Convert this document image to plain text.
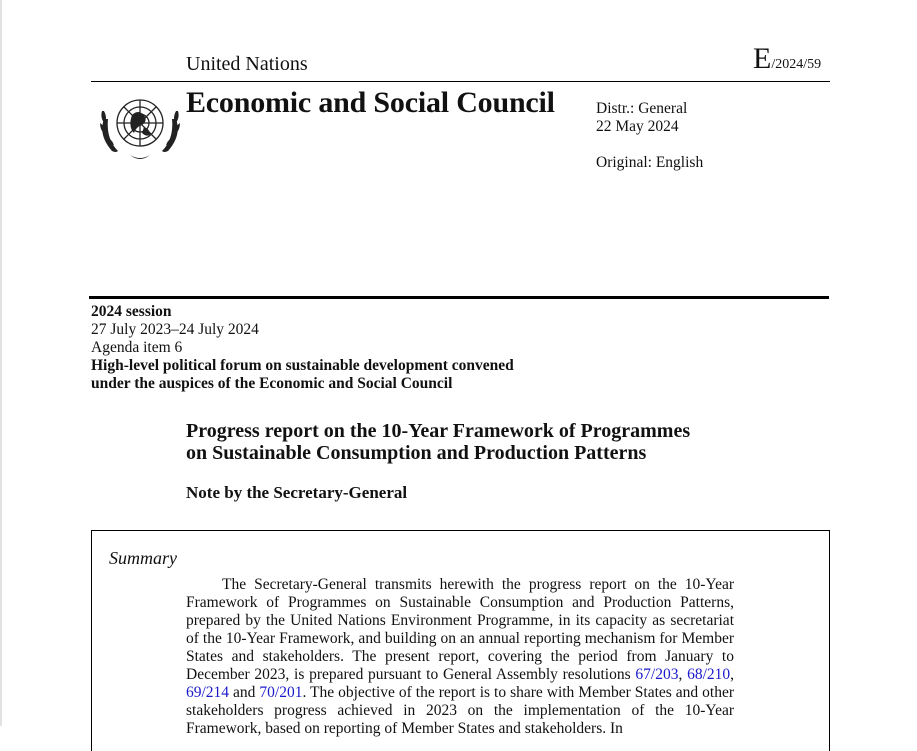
United Nations	E/2024/59
Economic and Social Council	Distr.: General
22 May 2024
Original: English
2024 session
27 July 2023–24 July 2024
Agenda item 6
High-level political forum on sustainable development convened
under the auspices of the Economic and Social Council
Progress report on the 10-Year Framework of Programmes
on Sustainable Consumption and Production Patterns
Note by the Secretary-General
Summary

The Secretary-General transmits herewith the progress report on the 10-Year Framework of Programmes on Sustainable Consumption and Production Patterns, prepared by the United Nations Environment Programme, in its capacity as secretariat of the 10-Year Framework, and building on an annual reporting mechanism for Member States and stakeholders. The present report, covering the period from January to December 2023, is prepared pursuant to General Assembly resolutions 67/203, 68/210, 69/214 and 70/201. The objective of the report is to share with Member States and other stakeholders progress achieved in 2023 on the implementation of the 10-Year Framework, based on reporting of Member States and stakeholders. In
